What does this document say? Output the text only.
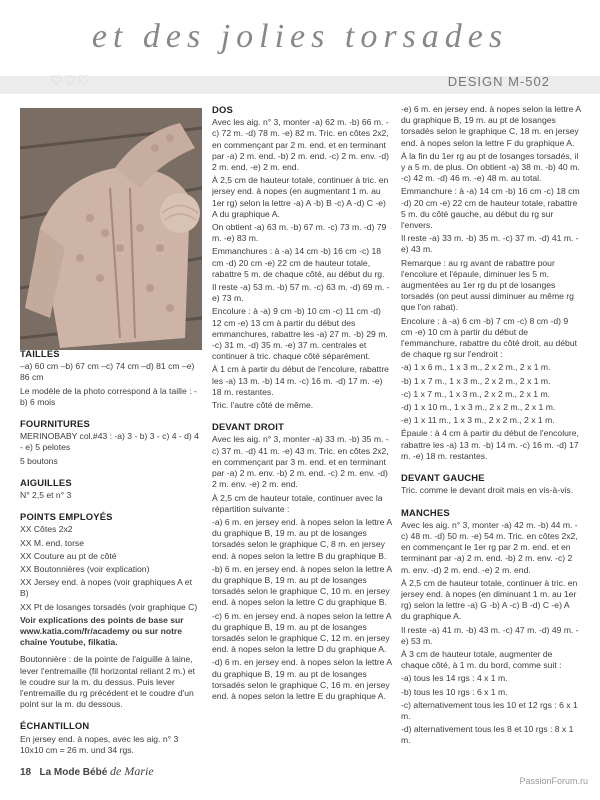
et des jolies torsades
♡♡♡	DESIGN M-502
TAILLES

–a) 60 cm –b) 67 cm –c) 74 cm –d) 81 cm –e) 86 cm

Le modèle de la photo correspond à la taille : -b) 6 mois

FOURNITURES

MERINOBABY col.#43 : -a) 3 - b) 3 - c) 4 - d) 4 - e) 5 pelotes

5 boutons

AIGUILLES

N° 2,5 et n° 3

POINTS EMPLOYÉS

XX Côtes 2x2

XX M. end. torse

XX Couture au pt de côté

XX Boutonnières (voir explication)

XX Jersey end. à nopes (voir graphiques A et B)

XX Pt de losanges torsadés (voir graphique C)

Voir explications des points de base sur www.katia.com/fr/academy ou sur notre chaîne Youtube, filkatia.

Boutonnière : de la pointe de l'aiguille à laine, lever l'entremaille (fil horizontal reliant 2 m.) et le coudre sur la m. du dessus. Puis lever l'entremaille du rg précédent et le coudre d'un point sur la m. du dessous.

ÉCHANTILLON

En jersey end. à nopes, avec les aig. n° 3 10x10 cm = 26 m. und 34 rgs.

DOS

Avec les aig. n° 3, monter -a) 62 m. -b) 66 m. -c) 72 m. -d) 78 m. -e) 82 m. Tric. en côtes 2x2, en commençant par 2 m. end. et en terminant par -a) 2 m. end. -b) 2 m. end. -c) 2 m. env. -d) 2 m. end. -e) 2 m. end.

À 2,5 cm de hauteur totale, continuer à tric. en jersey end. à nopes (en augmentant 1 m. au 1er rg) selon la lettre -a) A -b) B -c) A -d) C -e) A du graphique A.

On obtient -a) 63 m. -b) 67 m. -c) 73 m. -d) 79 m. -e) 83 m.

Emmanchures : à -a) 14 cm -b) 16 cm -c) 18 cm -d) 20 cm -e) 22 cm de hauteur totale, rabattre 5 m. de chaque côté, au début du rg.

Il reste -a) 53 m. -b) 57 m. -c) 63 m. -d) 69 m. -e) 73 m.

Encolure : à -a) 9 cm -b) 10 cm -c) 11 cm -d) 12 cm -e) 13 cm à partir du début des emmanchures, rabattre les -a) 27 m. -b) 29 m. -c) 31 m. -d) 35 m. -e) 37 m. centrales et continuer à tric. chaque côté séparément.

À 1 cm à partir du début de l'encolure, rabattre les -a) 13 m. -b) 14 m. -c) 16 m. -d) 17 m. -e) 18 m. restantes.

Tric. l'autre côté de même.

DEVANT DROIT

Avec les aig. n° 3, monter -a) 33 m. -b) 35 m. -c) 37 m. -d) 41 m. -e) 43 m. Tric. en côtes 2x2, en commençant par 3 m. end. et en terminant par -a) 2 m. env. -b) 2 m. end. -c) 2 m. env. -d) 2 m. env. -e) 2 m. end.

À 2,5 cm de hauteur totale, continuer avec la répartition suivante :

-a) 6 m. en jersey end. à nopes selon la lettre A du graphique B, 19 m. au pt de losanges torsadés selon le graphique C, 8 m. en jersey end. à nopes selon la lettre B du graphique B.

-b) 6 m. en jersey end. à nopes selon la lettre A du graphique B, 19 m. au pt de losanges torsadés selon le graphique C, 10 m. en jersey end. à nopes selon la lettre C du graphique B.

-c) 6 m. en jersey end. à nopes selon la lettre A du graphique B, 19 m. au pt de losanges torsadés selon le graphique C, 12 m. en jersey end. à nopes selon la lettre D du graphique A.

-d) 6 m. en jersey end. à nopes selon la lettre A du graphique B, 19 m. au pt de losanges torsadés selon le graphique C, 16 m. en jersey end. à nopes selon la lettre E du graphique A.

-e) 6 m. en jersey end. à nopes selon la lettre A du graphique B, 19 m. au pt de losanges torsadés selon le graphique C, 18 m. en jersey end. à nopes selon la lettre F du graphique A.

À la fin du 1er rg au pt de losanges torsadés, il y a 5 m. de plus. On obtient -a) 38 m. -b) 40 m. -c) 42 m. -d) 46 m. -e) 48 m. au total.

Emmanchure : à -a) 14 cm -b) 16 cm -c) 18 cm -d) 20 cm -e) 22 cm de hauteur totale, rabattre 5 m. du côté gauche, au début du rg sur l'envers.

Il reste -a) 33 m. -b) 35 m. -c) 37 m. -d) 41 m. -e) 43 m.

Remarque : au rg avant de rabattre pour l'encolure et l'épaule, diminuer les 5 m. augmentées au 1er rg du pt de losanges torsadés (on peut aussi diminuer au même rg que l'on rabat).

Encolure : à -a) 6 cm -b) 7 cm -c) 8 cm -d) 9 cm -e) 10 cm à partir du début de l'emmanchure, rabattre du côté droit, au début de chaque rg sur l'endroit :

-a) 1 x 6 m., 1 x 3 m., 2 x 2 m., 2 x 1 m.

-b) 1 x 7 m., 1 x 3 m., 2 x 2 m., 2 x 1 m.

-c) 1 x 7 m., 1 x 3 m., 2 x 2 m., 2 x 1 m.

-d) 1 x 10 m., 1 x 3 m., 2 x 2 m., 2 x 1 m.

-e) 1 x 11 m., 1 x 3 m., 2 x 2 m., 2 x 1 m.

Épaule : à 4 cm à partir du début de l'encolure, rabattre les -a) 13 m. -b) 14 m. -c) 16 m. -d) 17 m. -e) 18 m. restantes.

DEVANT GAUCHE

Tric. comme le devant droit mais en vis-à-vis.

MANCHES

Avec les aig. n° 3, monter -a) 42 m. -b) 44 m. -c) 48 m. -d) 50 m. -e) 54 m. Tric. en côtes 2x2, en commençant le 1er rg par 2 m. end. et en terminant par -a) 2 m. end. -b) 2 m. env. -c) 2 m. env. -d) 2 m. end. -e) 2 m. end.

À 2,5 cm de hauteur totale, continuer à tric. en jersey end. à nopes (en diminuant 1 m. au 1er rg) selon la lettre -a) G -b) A -c) B -d) C -e) A du graphique A.

Il reste -a) 41 m. -b) 43 m. -c) 47 m. -d) 49 m. -e) 53 m.

À 3 cm de hauteur totale, augmenter de chaque côté, à 1 m. du bord, comme suit :

-a) tous les 14 rgs : 4 x 1 m.

-b) tous les 10 rgs : 6 x 1 m.

-c) alternativement tous les 10 et 12 rgs : 6 x 1 m.

-d) alternativement tous les 8 et 10 rgs : 8 x 1 m.

18 La Mode Bébé de Marie
PassionForum.ru
